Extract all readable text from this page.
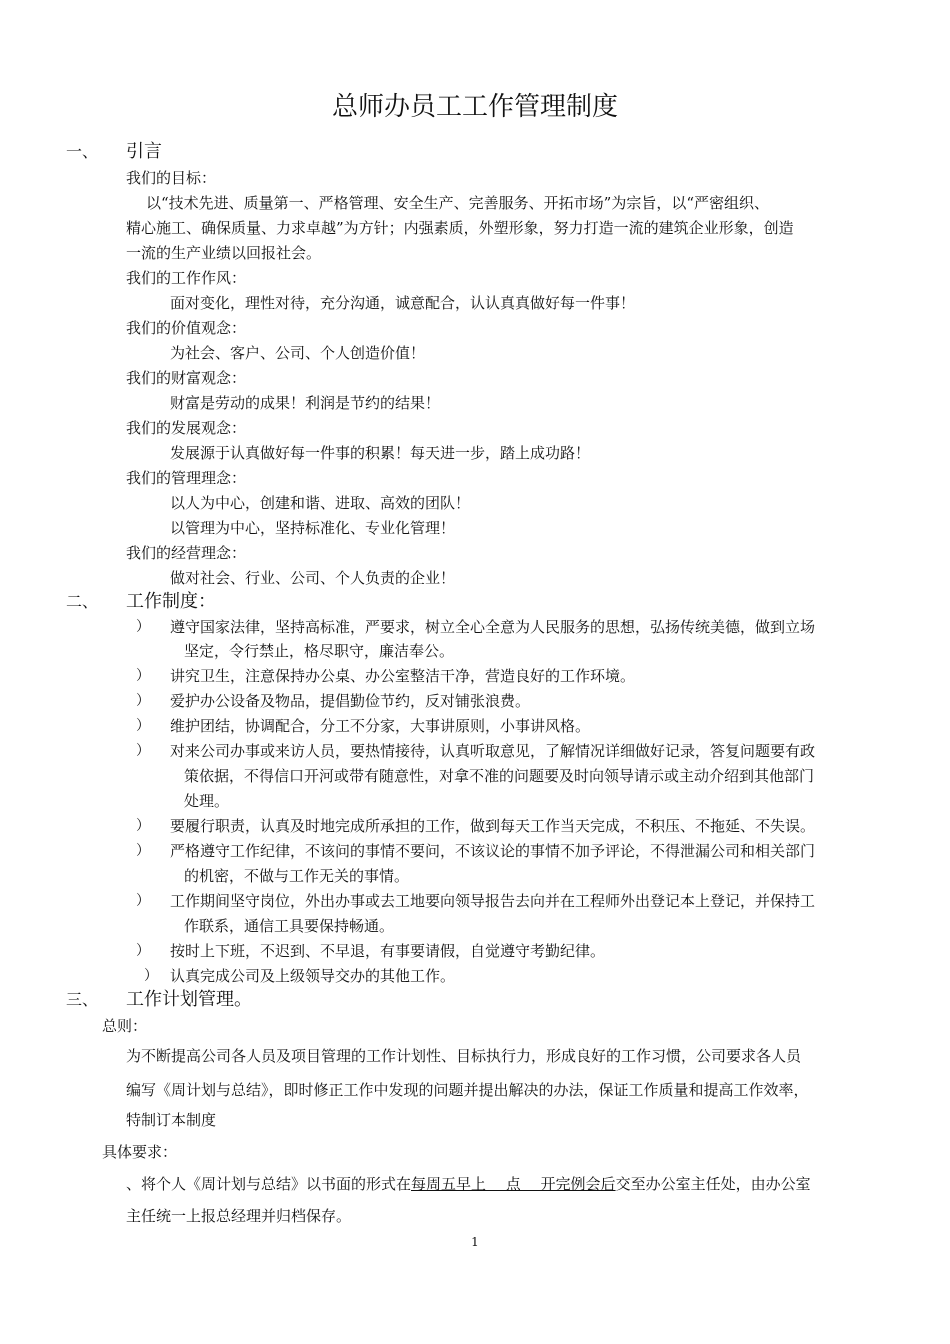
总师办员工工作管理制度
一、 引言
我们的目标：
以“技术先进、质量第一、严格管理、安全生产、完善服务、开拓市场”为宗旨，以“严密组织、
精心施工、确保质量、力求卓越”为方针；内强素质，外塑形象，努力打造一流的建筑企业形象，创造
一流的生产业绩以回报社会。
我们的工作作风：
面对变化，理性对待，充分沟通，诚意配合，认认真真做好每一件事！
我们的价值观念：
为社会、客户、公司、个人创造价值！
我们的财富观念：
财富是劳动的成果！利润是节约的结果！
我们的发展观念：
发展源于认真做好每一件事的积累！每天进一步，踏上成功路！
我们的管理理念：
以人为中心，创建和谐、进取、高效的团队！
以管理为中心，坚持标准化、专业化管理！
我们的经营理念：
做对社会、行业、公司、个人负责的企业！
二、 工作制度：
） 遵守国家法律，坚持高标准，严要求，树立全心全意为人民服务的思想，弘扬传统美德，做到立场
坚定，令行禁止，格尽职守，廉洁奉公。
） 讲究卫生，注意保持办公桌、办公室整洁干净，营造良好的工作环境。
） 爱护办公设备及物品，提倡勤俭节约，反对铺张浪费。
） 维护团结，协调配合，分工不分家，大事讲原则，小事讲风格。
） 对来公司办事或来访人员，要热情接待，认真听取意见，了解情况详细做好记录，答复问题要有政
策依据，不得信口开河或带有随意性，对拿不准的问题要及时向领导请示或主动介绍到其他部门
处理。
） 要履行职责，认真及时地完成所承担的工作，做到每天工作当天完成，不积压、不拖延、不失误。
） 严格遵守工作纪律，不该问的事情不要问，不该议论的事情不加予评论，不得泄漏公司和相关部门
的机密，不做与工作无关的事情。
） 工作期间坚守岗位，外出办事或去工地要向领导报告去向并在工程师外出登记本上登记，并保持工
作联系，通信工具要保持畅通。
） 按时上下班，不迟到、不早退，有事要请假，自觉遵守考勤纪律。
） 认真完成公司及上级领导交办的其他工作。
三、 工作计划管理。
总则：
为不断提高公司各人员及项目管理的工作计划性、目标执行力，形成良好的工作习惯，公司要求各人员
编写《周计划与总结》，即时修正工作中发现的问题并提出解决的办法，保证工作质量和提高工作效率，
特制订本制度
具体要求：
、将个人《周计划与总结》以书面的形式在每周五早上　 点　 开完例会后交至办公室主任处，由办公室
主任统一上报总经理并归档保存。
1
